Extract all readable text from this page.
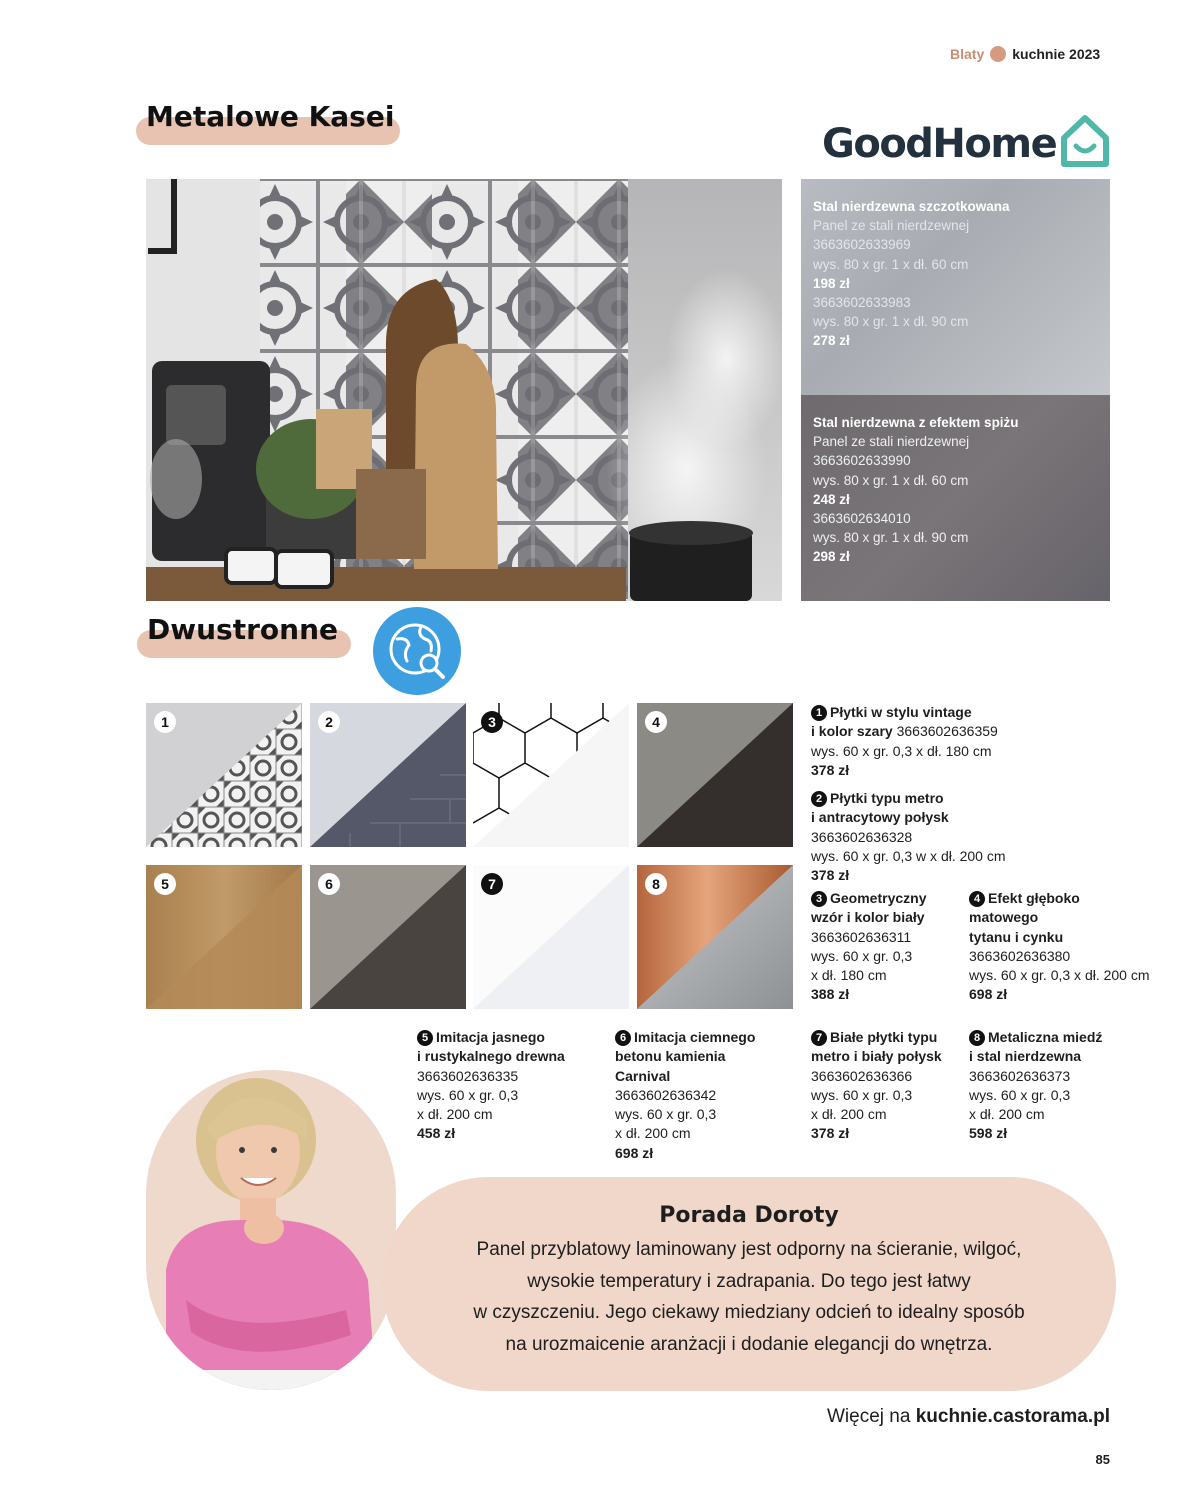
Blaty kuchnie 2023
Metalowe Kasei
GoodHome
Stal nierdzewna szczotkowana
Panel ze stali nierdzewnej
3663602633969
wys. 80 x gr. 1 x dł. 60 cm
198 zł
3663602633983
wys. 80 x gr. 1 x dł. 90 cm
278 zł
Stal nierdzewna z efektem spiżu
Panel ze stali nierdzewnej
3663602633990
wys. 80 x gr. 1 x dł. 60 cm
248 zł
3663602634010
wys. 80 x gr. 1 x dł. 90 cm
298 zł
Dwustronne
1	2	3	4
5	6	7	8
1 Płytki w stylu vintage
i kolor szary 3663602636359
wys. 60 x gr. 0,3 x dł. 180 cm
378 zł
2 Płytki typu metro
i antracytowy połysk
3663602636328
wys. 60 x gr. 0,3 w x dł. 200 cm
378 zł
3 Geometryczny
wzór i kolor biały
3663602636311
wys. 60 x gr. 0,3
x dł. 180 cm
388 zł
4 Efekt głęboko
matowego
tytanu i cynku
3663602636380
wys. 60 x gr. 0,3 x dł. 200 cm
698 zł
5 Imitacja jasnego
i rustykalnego drewna
3663602636335
wys. 60 x gr. 0,3
x dł. 200 cm
458 zł
6 Imitacja ciemnego
betonu kamienia
Carnival
3663602636342
wys. 60 x gr. 0,3
x dł. 200 cm
698 zł
7 Białe płytki typu
metro i biały połysk
3663602636366
wys. 60 x gr. 0,3
x dł. 200 cm
378 zł
8 Metaliczna miedź
i stal nierdzewna
3663602636373
wys. 60 x gr. 0,3
x dł. 200 cm
598 zł
Porada Doroty
Panel przyblatowy laminowany jest odporny na ścieranie, wilgoć,
wysokie temperatury i zadrapania. Do tego jest łatwy
w czyszczeniu. Jego ciekawy miedziany odcień to idealny sposób
na urozmaicenie aranżacji i dodanie elegancji do wnętrza.
Więcej na kuchnie.castorama.pl
85
